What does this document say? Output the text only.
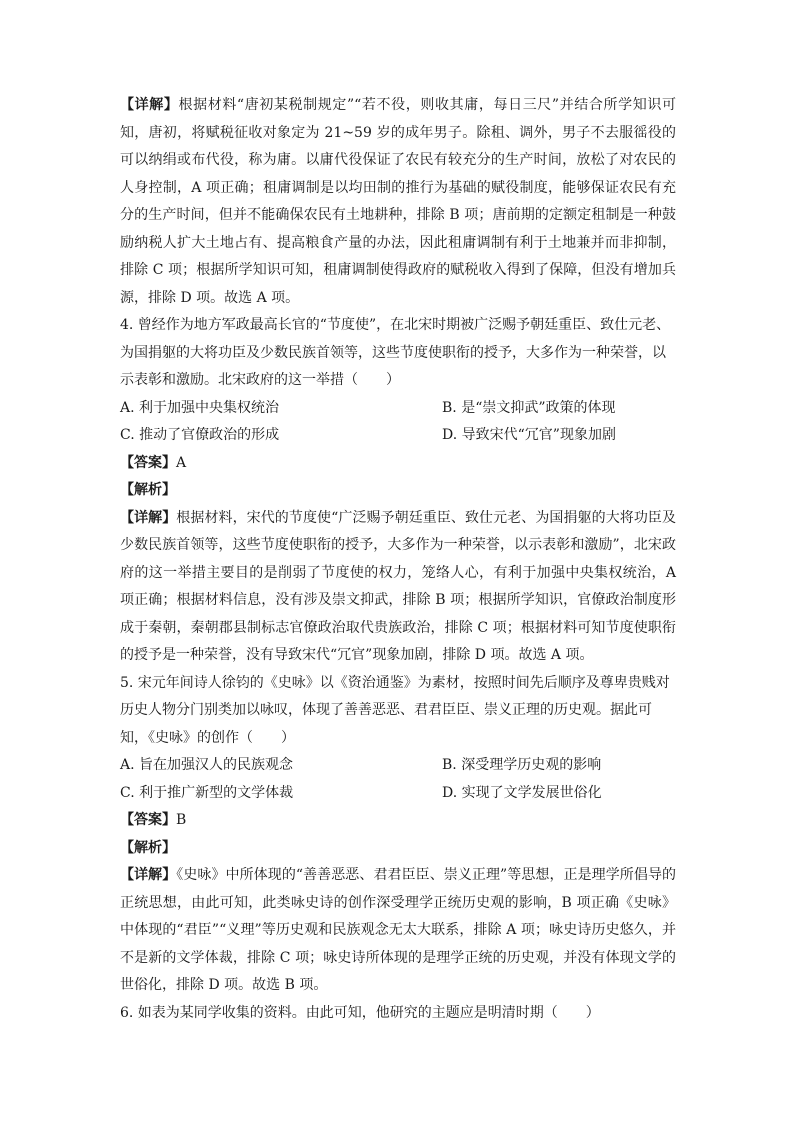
【详解】根据材料“唐初某税制规定”“若不役，则收其庸，每日三尺”并结合所学知识可知，唐初，将赋税征收对象定为 21~59 岁的成年男子。除租、调外，男子不去服徭役的可以纳绢或布代役，称为庸。以庸代役保证了农民有较充分的生产时间，放松了对农民的人身控制，A 项正确；租庸调制是以均田制的推行为基础的赋役制度，能够保证农民有充分的生产时间，但并不能确保农民有土地耕种，排除 B 项；唐前期的定额定租制是一种鼓励纳税人扩大土地占有、提高粮食产量的办法，因此租庸调制有利于土地兼并而非抑制，排除 C 项；根据所学知识可知，租庸调制使得政府的赋税收入得到了保障，但没有增加兵源，排除 D 项。故选 A 项。

4. 曾经作为地方军政最高长官的“节度使”，在北宋时期被广泛赐予朝廷重臣、致仕元老、为国捐躯的大将功臣及少数民族首领等，这些节度使职衔的授予，大多作为一种荣誉，以示表彰和激励。北宋政府的这一举措（　　）

A. 利于加强中央集权统治	B. 是“崇文抑武”政策的体现
C. 推动了官僚政治的形成	D. 导致宋代“冗官”现象加剧

【答案】A

【解析】

【详解】根据材料，宋代的节度使“广泛赐予朝廷重臣、致仕元老、为国捐躯的大将功臣及少数民族首领等，这些节度使职衔的授予，大多作为一种荣誉，以示表彰和激励”，北宋政府的这一举措主要目的是削弱了节度使的权力，笼络人心，有利于加强中央集权统治，A 项正确；根据材料信息，没有涉及崇文抑武，排除 B 项；根据所学知识，官僚政治制度形成于秦朝，秦朝郡县制标志官僚政治取代贵族政治，排除 C 项；根据材料可知节度使职衔的授予是一种荣誉，没有导致宋代“冗官”现象加剧，排除 D 项。故选 A 项。

5. 宋元年间诗人徐钧的《史咏》以《资治通鉴》为素材，按照时间先后顺序及尊卑贵贱对历史人物分门别类加以咏叹，体现了善善恶恶、君君臣臣、崇义正理的历史观。据此可知，《史咏》的创作（　　）

A. 旨在加强汉人的民族观念	B. 深受理学历史观的影响
C. 利于推广新型的文学体裁	D. 实现了文学发展世俗化

【答案】B

【解析】

【详解】《史咏》中所体现的“善善恶恶、君君臣臣、崇义正理”等思想，正是理学所倡导的正统思想，由此可知，此类咏史诗的创作深受理学正统历史观的影响，B 项正确《史咏》中体现的“君臣”“义理”等历史观和民族观念无太大联系，排除 A 项；咏史诗历史悠久，并不是新的文学体裁，排除 C 项；咏史诗所体现的是理学正统的历史观，并没有体现文学的世俗化，排除 D 项。故选 B 项。

6. 如表为某同学收集的资料。由此可知，他研究的主题应是明清时期（　　）
